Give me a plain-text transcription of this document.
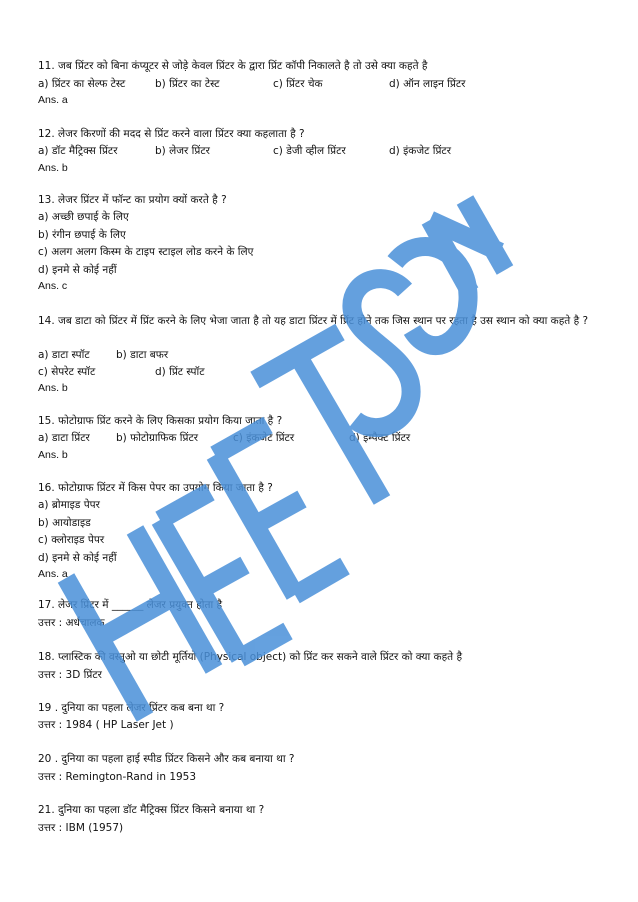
11. जब प्रिंटर को बिना कंप्यूटर से जोड़े केवल प्रिंटर के द्वारा प्रिंट कॉपी निकालते है तो उसे क्या कहते है
a) प्रिंटर का सेल्फ टेस्ट	b) प्रिंटर का टेस्ट	c) प्रिंटर चेक	d) ऑन लाइन प्रिंटर
Ans. a
12. लेजर किरणों की मदद से प्रिंट करने वाला प्रिंटर क्या कहलाता है ?
a) डॉट मैट्रिक्स प्रिंटर	b) लेजर प्रिंटर	c) डेजी व्हील प्रिंटर	d) इंकजेट प्रिंटर
Ans. b
13. लेजर प्रिंटर में फॉन्ट का प्रयोग क्यों करते है ?
a) अच्छी छपाई के लिए
b) रंगीन छपाई के लिए
c) अलग अलग किस्म के टाइप स्टाइल लोड करने के लिए
d) इनमे से कोई नहीं
Ans. c
14. जब डाटा को प्रिंटर में प्रिंट करने के लिए भेजा जाता है तो यह डाटा प्रिंटर में प्रिंट होने तक जिस स्थान पर रहता है उस स्थान को क्या कहते है ?
a) डाटा स्पॉट	b) डाटा बफर
c) सेपरेट स्पॉट	d) प्रिंट स्पॉट
Ans. b
15. फोटोग्राफ प्रिंट करने के लिए किसका प्रयोग किया जाता है ?
a) डाटा प्रिंटर b) फोटोग्राफिक प्रिंटर	c) इंकजेट प्रिंटर	d) इम्पैक्ट प्रिंटर
Ans. b
16. फोटोग्राफ प्रिंटर में किस पेपर का उपयोग किया जाता है ?
a) ब्रोमाइड पेपर
b) आयोडाइड
c) क्लोराइड पेपर
d) इनमे से कोई नहीं
Ans. a
17. लेजर प्रिंटर में ______ लेजर प्रयुक्त होता है
उत्तर : अर्धचालक
18. प्लास्टिक की वस्तुओ या छोटी मूर्तियो (Physical object) को प्रिंट कर सकने वाले प्रिंटर को क्या कहते है
उत्तर : 3D प्रिंटर
19 . दुनिया का पहला लेजर प्रिंटर कब बना था ?
उत्तर : 1984 ( HP Laser Jet )
20 . दुनिया का पहला हाई स्पीड प्रिंटर किसने और कब बनाया था ?
उत्तर : Remington-Rand in 1953
21. दुनिया का पहला डॉट मैट्रिक्स प्रिंटर किसने बनाया था ?
उत्तर : IBM (1957)
